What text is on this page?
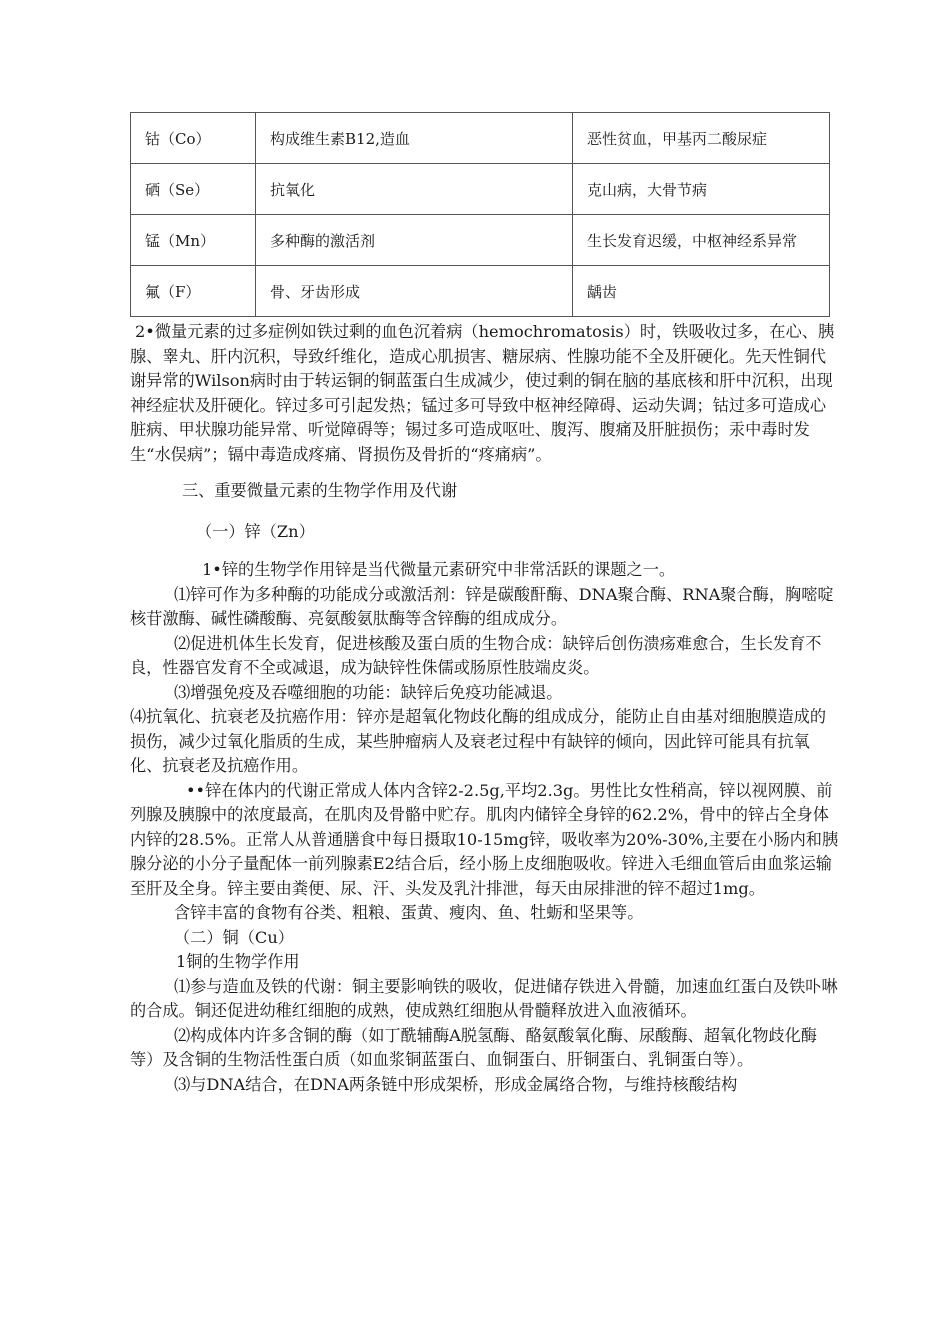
钴（Co）	构成维生素B12,造血	恶性贫血，甲基丙二酸尿症
硒（Se）	抗氧化	克山病，大骨节病
锰（Mn）	多种酶的激活剂	生长发育迟缓，中枢神经系异常
氟（F）	骨、牙齿形成	龋齿

2•微量元素的过多症例如铁过剩的血色沉着病（hemochromatosis）时，铁吸收过多，在心、胰腺、睾丸、肝内沉积，导致纤维化，造成心肌损害、糖尿病、性腺功能不全及肝硬化。先天性铜代谢异常的Wilson病时由于转运铜的铜蓝蛋白生成减少，使过剩的铜在脑的基底核和肝中沉积，出现神经症状及肝硬化。锌过多可引起发热；锰过多可导致中枢神经障碍、运动失调；钴过多可造成心脏病、甲状腺功能异常、听觉障碍等；锡过多可造成呕吐、腹泻、腹痛及肝脏损伤；汞中毒时发生“水俣病”；镉中毒造成疼痛、肾损伤及骨折的“疼痛病”。

三、重要微量元素的生物学作用及代谢

（一）锌（Zn）

1•锌的生物学作用锌是当代微量元素研究中非常活跃的课题之一。

⑴锌可作为多种酶的功能成分或激活剂：锌是碳酸酐酶、DNA聚合酶、RNA聚合酶，胸嘧啶核苷激酶、碱性磷酸酶、亮氨酸氨肽酶等含锌酶的组成成分。

⑵促进机体生长发育，促进核酸及蛋白质的生物合成：缺锌后创伤溃疡难愈合，生长发育不良，性器官发育不全或减退，成为缺锌性侏儒或肠原性肢端皮炎。

⑶增强免疫及吞噬细胞的功能：缺锌后免疫功能减退。

⑷抗氧化、抗衰老及抗癌作用：锌亦是超氧化物歧化酶的组成成分，能防止自由基对细胞膜造成的损伤，减少过氧化脂质的生成，某些肿瘤病人及衰老过程中有缺锌的倾向，因此锌可能具有抗氧化、抗衰老及抗癌作用。

••锌在体内的代谢正常成人体内含锌2-2.5g,平均2.3g。男性比女性稍高，锌以视网膜、前列腺及胰腺中的浓度最高，在肌肉及骨骼中贮存。肌肉内储锌全身锌的62.2%，骨中的锌占全身体内锌的28.5%。正常人从普通膳食中每日摄取10-15mg锌，吸收率为20%-30%,主要在小肠内和胰腺分泌的小分子量配体一前列腺素E2结合后，经小肠上皮细胞吸收。锌进入毛细血管后由血浆运输至肝及全身。锌主要由粪便、尿、汗、头发及乳汁排泄，每天由尿排泄的锌不超过1mg。

含锌丰富的食物有谷类、粗粮、蛋黄、瘦肉、鱼、牡蛎和坚果等。

（二）铜（Cu）

1铜的生物学作用

⑴参与造血及铁的代谢：铜主要影响铁的吸收，促进储存铁进入骨髓，加速血红蛋白及铁卟啉的合成。铜还促进幼稚红细胞的成熟，使成熟红细胞从骨髓释放进入血液循环。

⑵构成体内许多含铜的酶（如丁酰辅酶A脱氢酶、酪氨酸氧化酶、尿酸酶、超氧化物歧化酶等）及含铜的生物活性蛋白质（如血浆铜蓝蛋白、血铜蛋白、肝铜蛋白、乳铜蛋白等）。

⑶与DNA结合，在DNA两条链中形成架桥，形成金属络合物，与维持核酸结构
